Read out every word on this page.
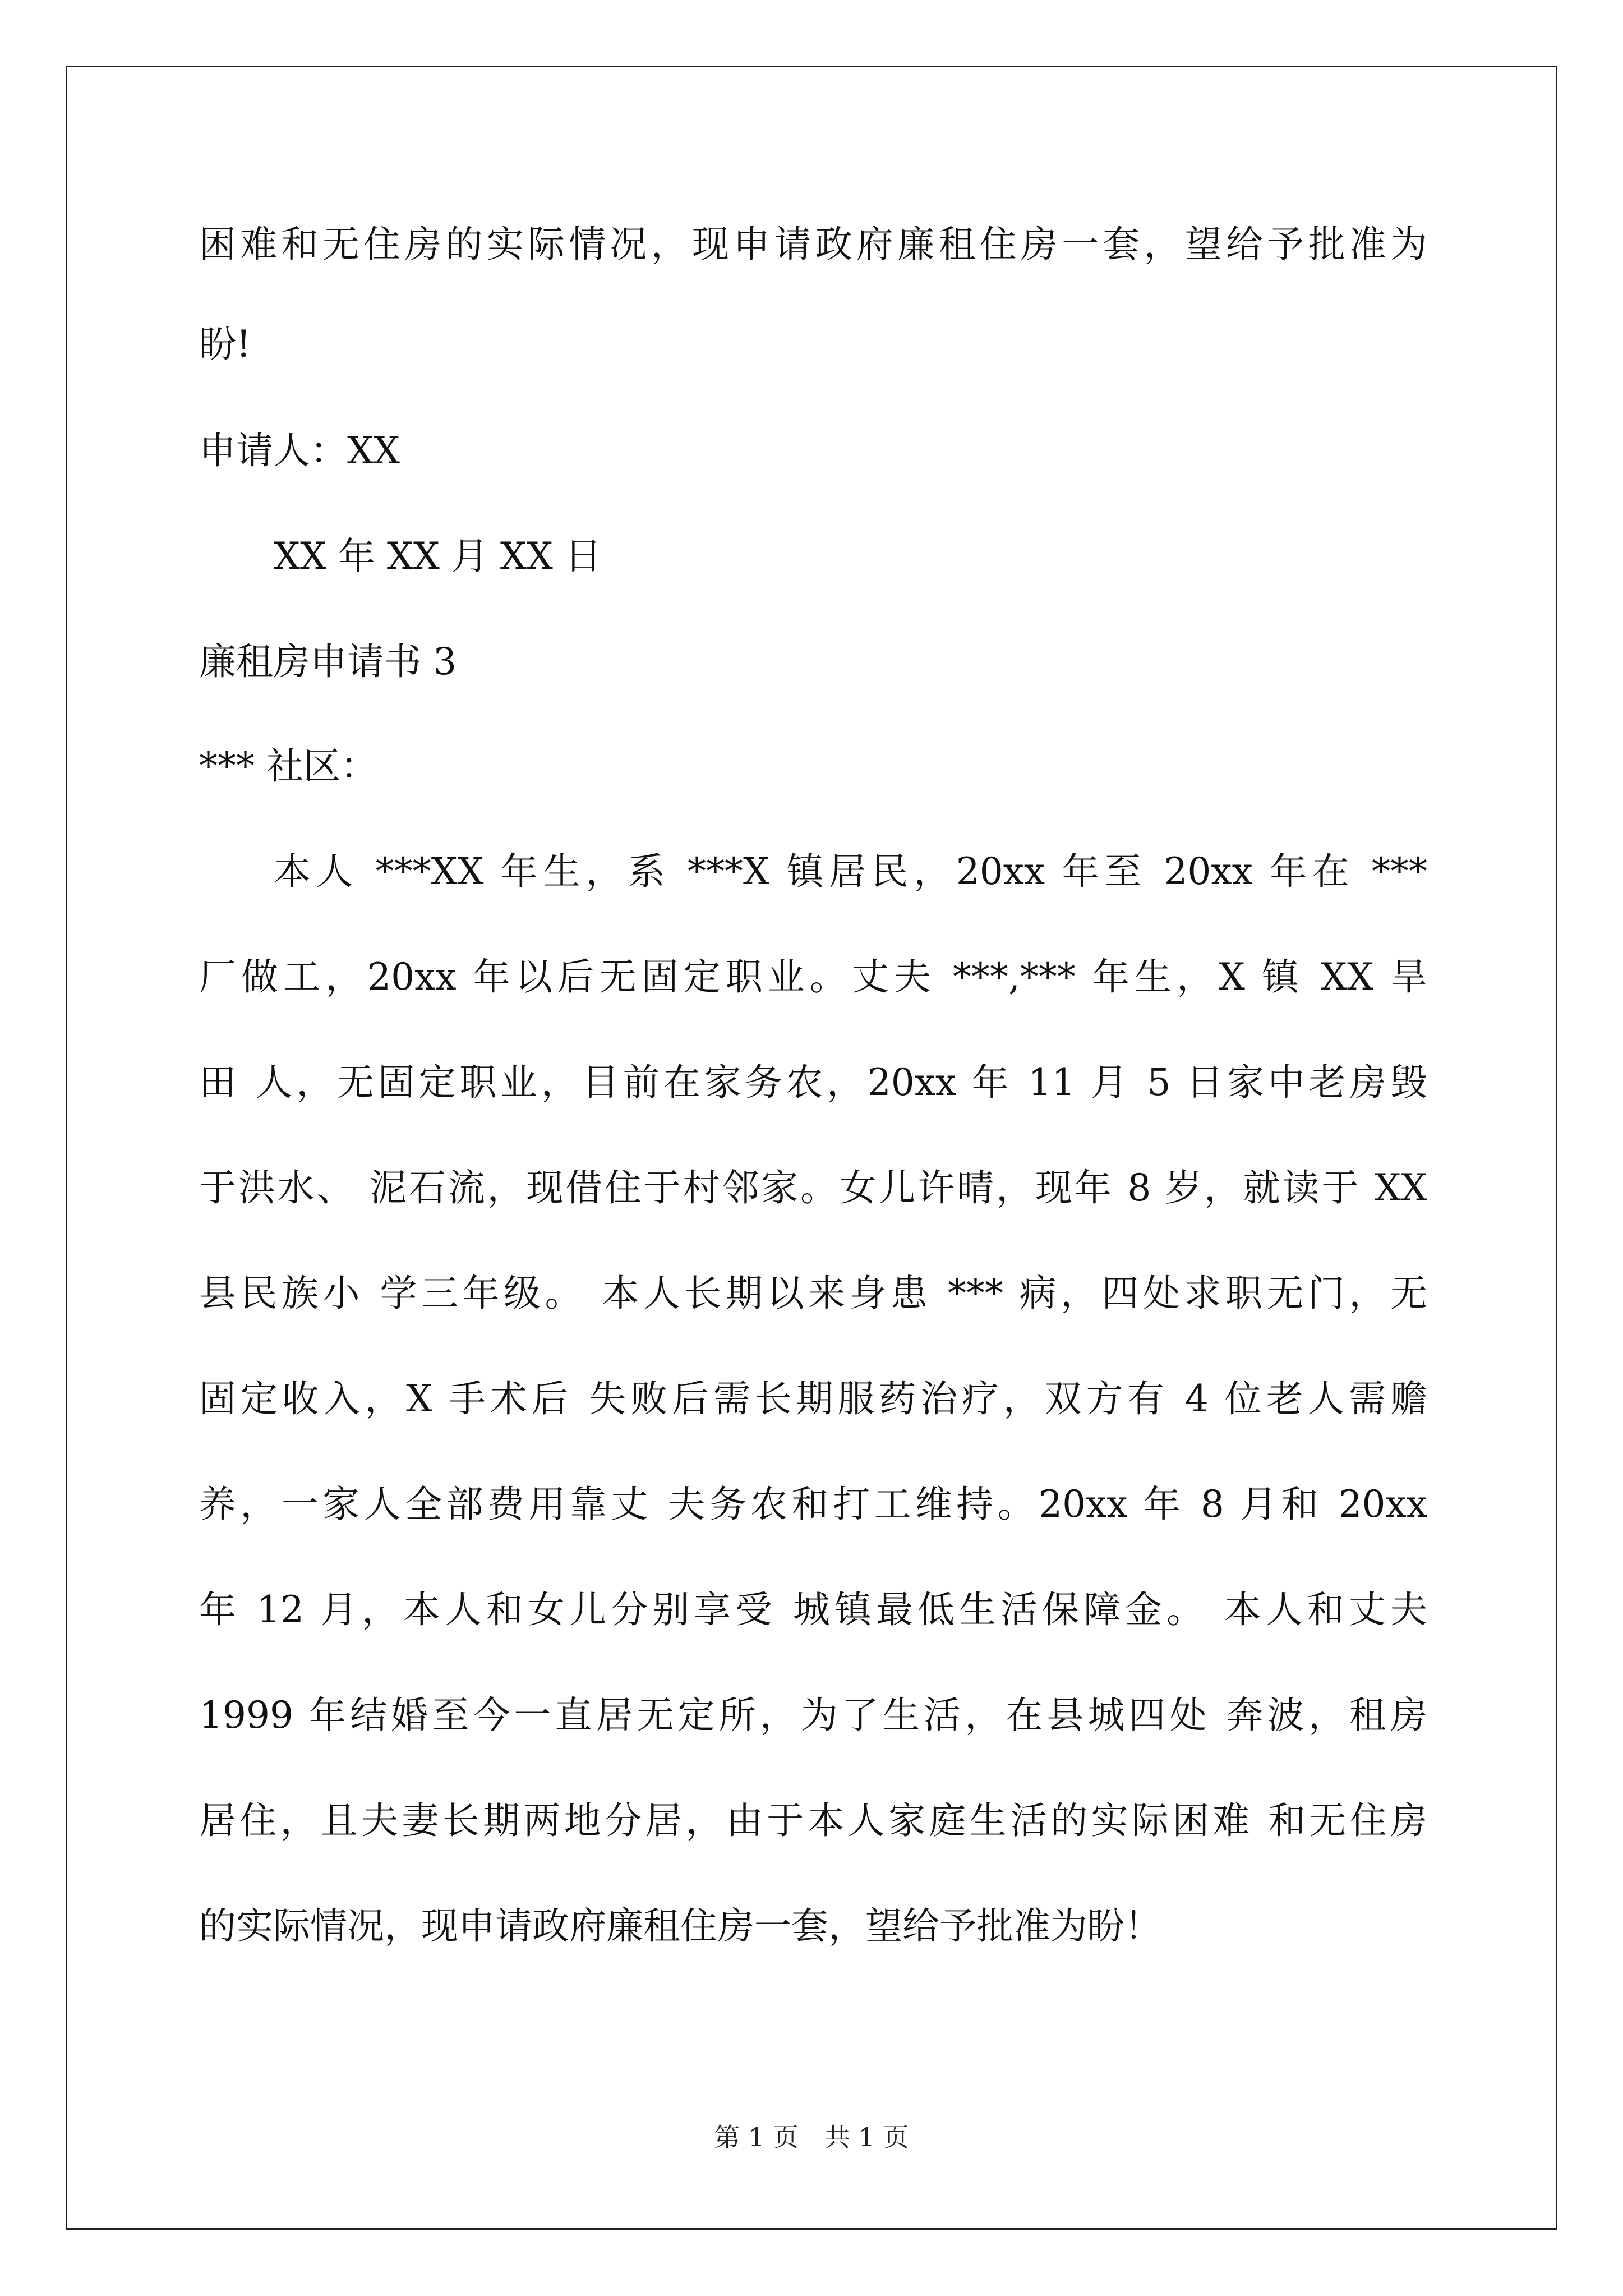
困难和无住房的实际情况，现申请政府廉租住房一套，望给予批准为
盼!
申请人：XX
XX 年 XX 月 XX 日
廉租房申请书 3
*** 社区：
本人 ***XX 年生，系 ***X 镇居民，20xx 年至 20xx 年在 ***
厂做工，20xx 年以后无固定职业。丈夫 ***,*** 年生，X 镇 XX 旱
田 人，无固定职业，目前在家务农，20xx 年 11 月 5 日家中老房毁
于洪水、 泥石流，现借住于村邻家。女儿许晴，现年 8 岁，就读于 XX
县民族小 学三年级。 本人长期以来身患 *** 病，四处求职无门，无
固定收入，X 手术后 失败后需长期服药治疗，双方有 4 位老人需赡
养，一家人全部费用靠丈 夫务农和打工维持。20xx 年 8 月和 20xx
年 12 月，本人和女儿分别享受 城镇最低生活保障金。 本人和丈夫
1999 年结婚至今一直居无定所，为了生活，在县城四处 奔波，租房
居住，且夫妻长期两地分居，由于本人家庭生活的实际困难 和无住房
的实际情况，现申请政府廉租住房一套，望给予批准为盼！
第 1 页　共 1 页
